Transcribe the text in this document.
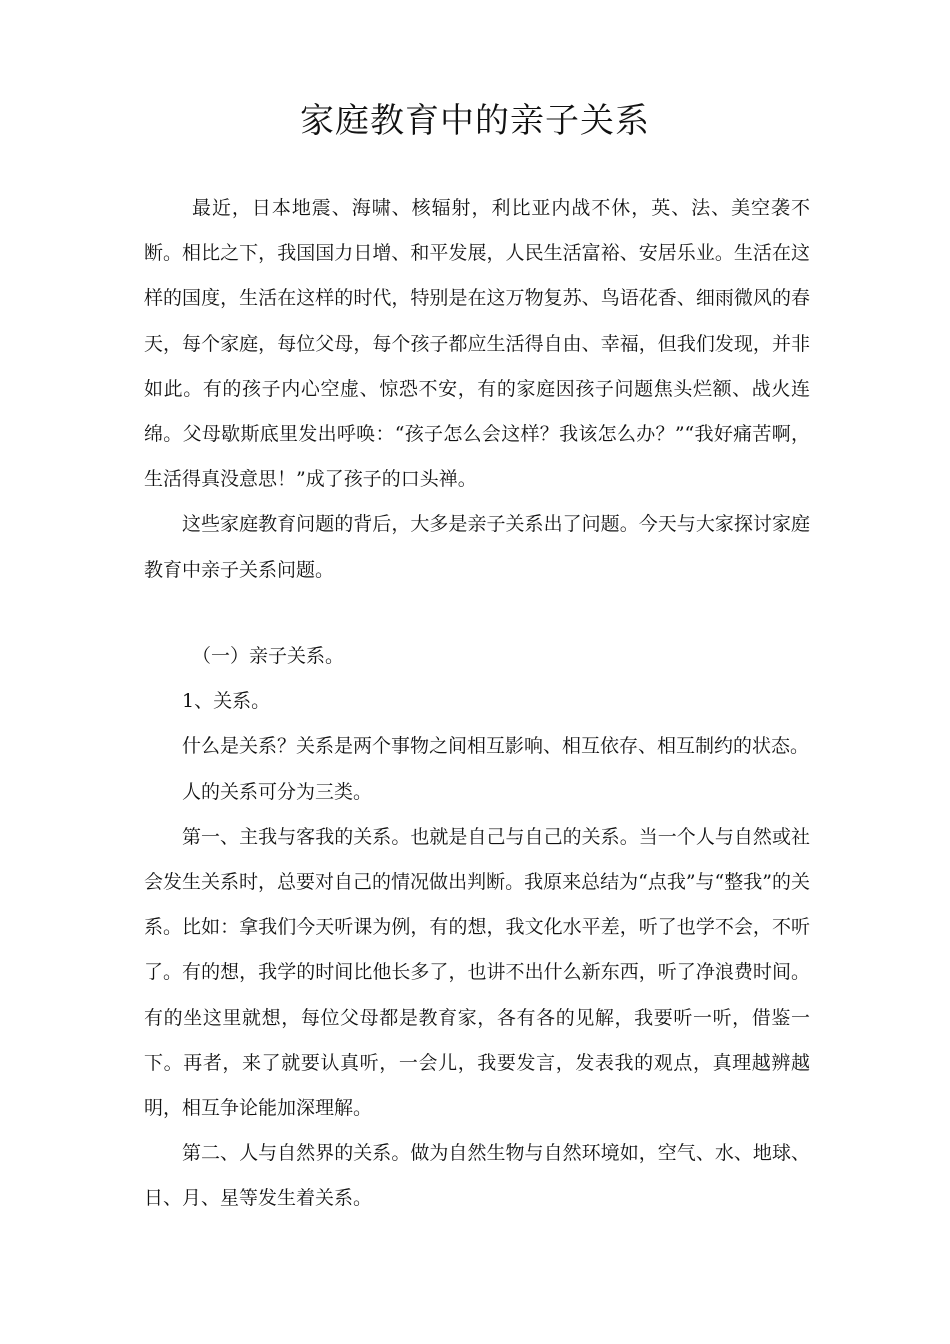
家庭教育中的亲子关系

最近，日本地震、海啸、核辐射，利比亚内战不休，英、法、美空袭不断。相比之下，我国国力日增、和平发展，人民生活富裕、安居乐业。生活在这样的国度，生活在这样的时代，特别是在这万物复苏、鸟语花香、细雨微风的春天，每个家庭，每位父母，每个孩子都应生活得自由、幸福，但我们发现，并非如此。有的孩子内心空虚、惊恐不安，有的家庭因孩子问题焦头烂额、战火连绵。父母歇斯底里发出呼唤：“孩子怎么会这样？我该怎么办？”“我好痛苦啊，生活得真没意思！”成了孩子的口头禅。

这些家庭教育问题的背后，大多是亲子关系出了问题。今天与大家探讨家庭教育中亲子关系问题。

（一）亲子关系。

1、关系。

什么是关系？关系是两个事物之间相互影响、相互依存、相互制约的状态。

人的关系可分为三类。

第一、主我与客我的关系。也就是自己与自己的关系。当一个人与自然或社会发生关系时，总要对自己的情况做出判断。我原来总结为“点我”与“整我”的关系。比如：拿我们今天听课为例，有的想，我文化水平差，听了也学不会，不听了。有的想，我学的时间比他长多了，也讲不出什么新东西，听了净浪费时间。有的坐这里就想，每位父母都是教育家，各有各的见解，我要听一听，借鉴一下。再者，来了就要认真听，一会儿，我要发言，发表我的观点，真理越辨越明，相互争论能加深理解。

第二、人与自然界的关系。做为自然生物与自然环境如，空气、水、地球、日、月、星等发生着关系。
